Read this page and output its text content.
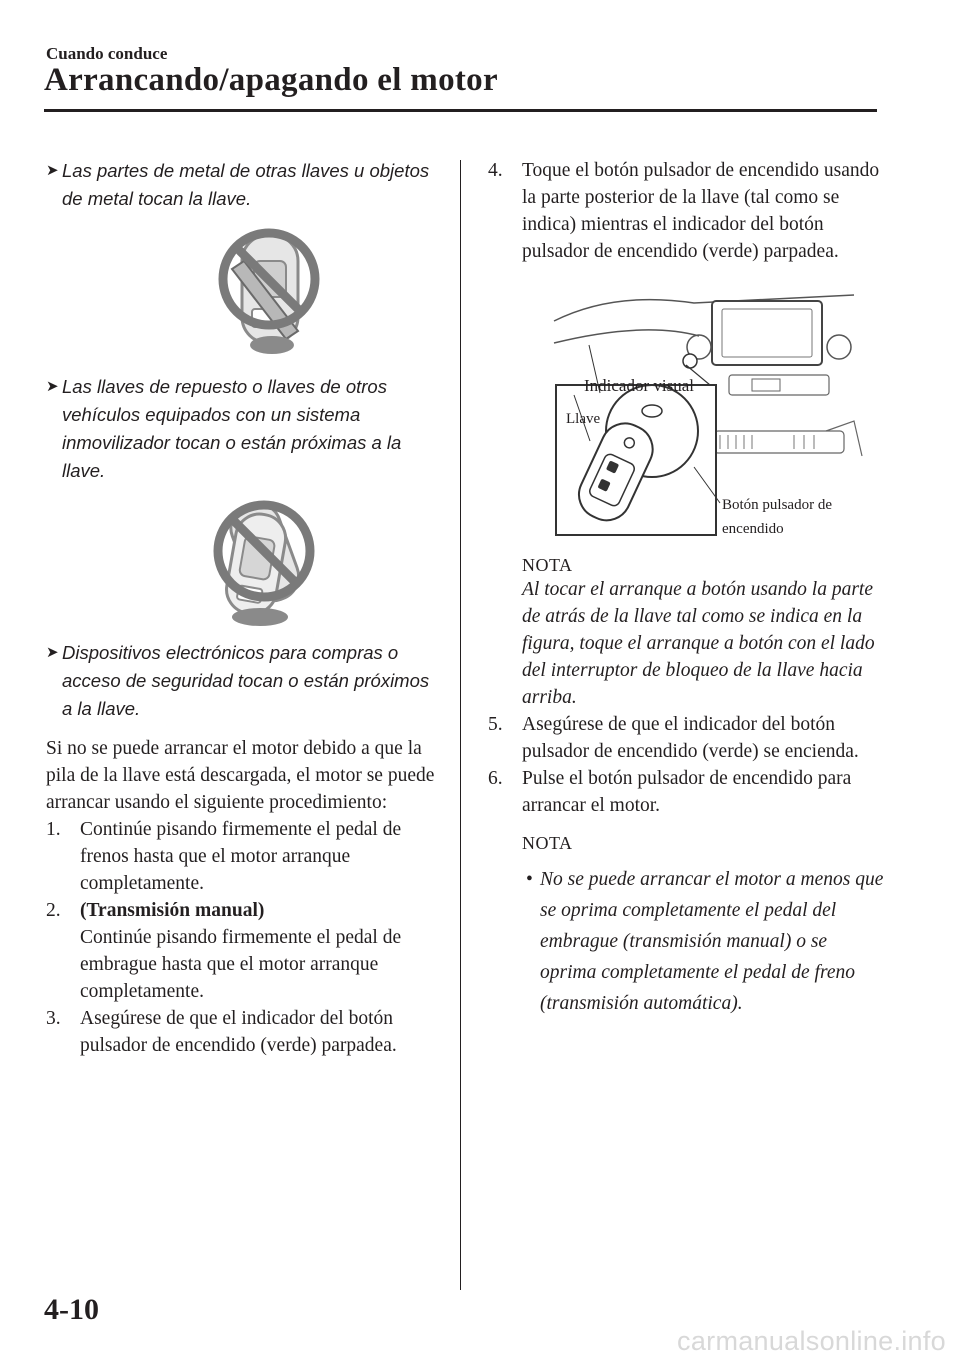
Cuando conduce
Arrancando/apagando el motor
➤ Las partes de metal de otras llaves u objetos de metal tocan la llave.
➤ Las llaves de repuesto o llaves de otros vehículos equipados con un sistema inmovilizador tocan o están próximas a la llave.
➤ Dispositivos electrónicos para compras o acceso de seguridad tocan o están próximos a la llave.

Si no se puede arrancar el motor debido a que la pila de la llave está descargada, el motor se puede arrancar usando el siguiente procedimiento:

1. Continúe pisando firmemente el pedal de frenos hasta que el motor arranque completamente.
2. (Transmisión manual)
Continúe pisando firmemente el pedal de embrague hasta que el motor arranque completamente.
3. Asegúrese de que el indicador del botón pulsador de encendido (verde) parpadea.
4. Toque el botón pulsador de encendido usando la parte posterior de la llave (tal como se indica) mientras el indicador del botón pulsador de encendido (verde) parpadea.
Indicador visual
Llave
Botón pulsador de
encendido
NOTA
Al tocar el arranque a botón usando la parte de atrás de la llave tal como se indica en la figura, toque el arranque a botón con el lado del interruptor de bloqueo de la llave hacia arriba.
5. Asegúrese de que el indicador del botón pulsador de encendido (verde) se encienda.
6. Pulse el botón pulsador de encendido para arrancar el motor.
NOTA
• No se puede arrancar el motor a menos que se oprima completamente el pedal del embrague (transmisión manual) o se oprima completamente el pedal de freno (transmisión automática).
4-10
carmanualsonline.info
